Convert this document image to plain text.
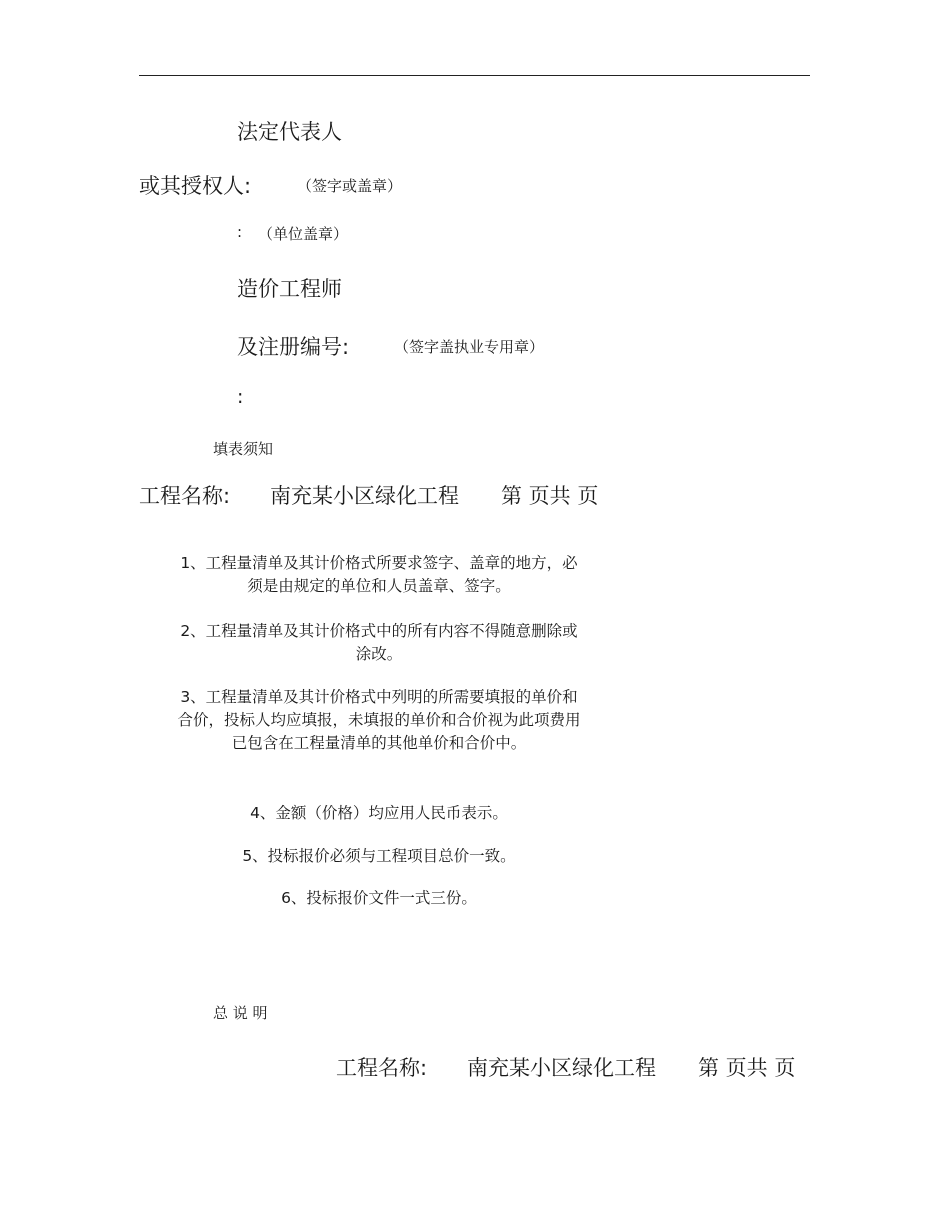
法定代表人
或其授权人:	（签字或盖章）
: （单位盖章）
造价工程师
及注册编号:	（签字盖执业专用章）
:
填表须知
工程名称: 南充某小区绿化工程 第 页共 页
1、工程量清单及其计价格式所要求签字、盖章的地方，必须是由规定的单位和人员盖章、签字。
2、工程量清单及其计价格式中的所有内容不得随意删除或涂改。
3、工程量清单及其计价格式中列明的所需要填报的单价和合价，投标人均应填报，未填报的单价和合价视为此项费用已包含在工程量清单的其他单价和合价中。
4、金额（价格）均应用人民币表示。
5、投标报价必须与工程项目总价一致。
6、投标报价文件一式三份。
总 说 明
工程名称: 南充某小区绿化工程 第 页共 页
